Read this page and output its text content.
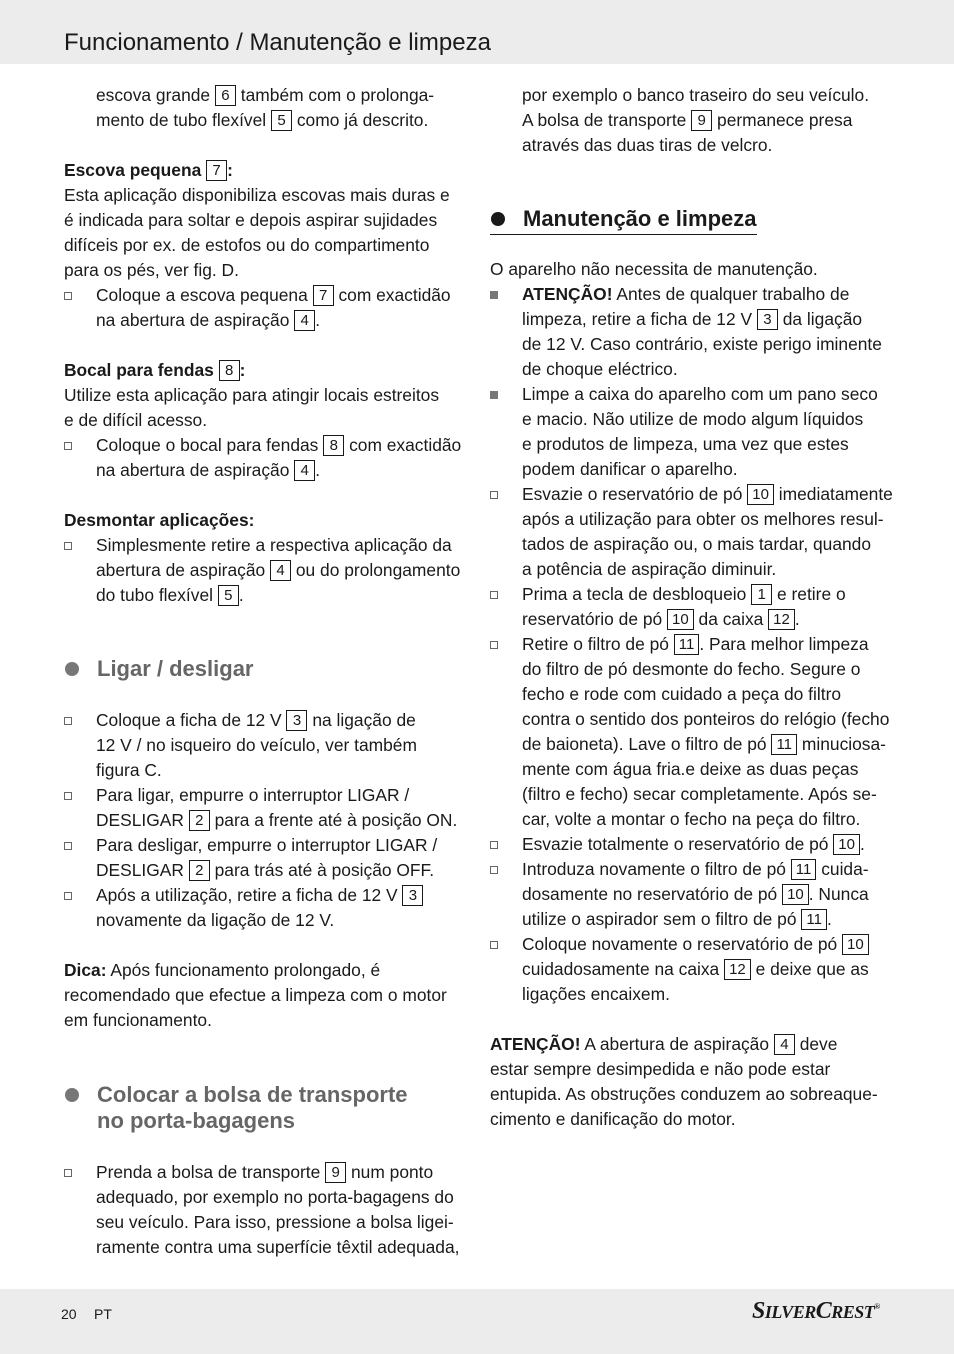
Funcionamento / Manutenção e limpeza
escova grande 6 também com o prolonga-
mento de tubo flexível 5 como já descrito.
Escova pequena 7 :
Esta aplicação disponibiliza escovas mais duras e
é indicada para soltar e depois aspirar sujidades
difíceis por ex. de estofos ou do compartimento
para os pés, ver fig. D.
Coloque a escova pequena 7 com exactidão
na abertura de aspiração 4 .
Bocal para fendas 8 :
Utilize esta aplicação para atingir locais estreitos
e de difícil acesso.
Coloque o bocal para fendas 8 com exactidão
na abertura de aspiração 4 .
Desmontar aplicações:
Simplesmente retire a respectiva aplicação da
abertura de aspiração 4 ou do prolongamento
do tubo flexível 5 .
Ligar / desligar
Coloque a ficha de 12 V 3 na ligação de
12 V / no isqueiro do veículo, ver também
figura C.
Para ligar, empurre o interruptor LIGAR /
DESLIGAR 2 para a frente até à posição ON.
Para desligar, empurre o interruptor LIGAR /
DESLIGAR 2 para trás até à posição OFF.
Após a utilização, retire a ficha de 12 V 3
novamente da ligação de 12 V.
Dica: Após funcionamento prolongado, é
recomendado que efectue a limpeza com o motor
em funcionamento.
Colocar a bolsa de transporte
no porta-bagagens
Prenda a bolsa de transporte 9 num ponto
adequado, por exemplo no porta-bagagens do
seu veículo. Para isso, pressione a bolsa ligei-
ramente contra uma superfície têxtil adequada,
por exemplo o banco traseiro do seu veículo.
A bolsa de transporte 9 permanece presa
através das duas tiras de velcro.
Manutenção e limpeza
O aparelho não necessita de manutenção.
ATENÇÃO! Antes de qualquer trabalho de
limpeza, retire a ficha de 12 V 3 da ligação
de 12 V. Caso contrário, existe perigo iminente
de choque eléctrico.
Limpe a caixa do aparelho com um pano seco
e macio. Não utilize de modo algum líquidos
e produtos de limpeza, uma vez que estes
podem danificar o aparelho.
Esvazie o reservatório de pó 10 imediatamente
após a utilização para obter os melhores resul-
tados de aspiração ou, o mais tardar, quando
a potência de aspiração diminuir.
Prima a tecla de desbloqueio 1 e retire o
reservatório de pó 10 da caixa 12 .
Retire o filtro de pó 11 . Para melhor limpeza
do filtro de pó desmonte do fecho. Segure o
fecho e rode com cuidado a peça do filtro
contra o sentido dos ponteiros do relógio (fecho
de baioneta). Lave o filtro de pó 11 minuciosa-
mente com água fria.e deixe as duas peças
(filtro e fecho) secar completamente. Após se-
car, volte a montar o fecho na peça do filtro.
Esvazie totalmente o reservatório de pó 10 .
Introduza novamente o filtro de pó 11 cuida-
dosamente no reservatório de pó 10 . Nunca
utilize o aspirador sem o filtro de pó 11 .
Coloque novamente o reservatório de pó 10
cuidadosamente na caixa 12 e deixe que as
ligações encaixem.
ATENÇÃO! A abertura de aspiração 4 deve
estar sempre desimpedida e não pode estar
entupida. As obstruções conduzem ao sobreaque-
cimento e danificação do motor.
20 PT	SILVERCREST®
